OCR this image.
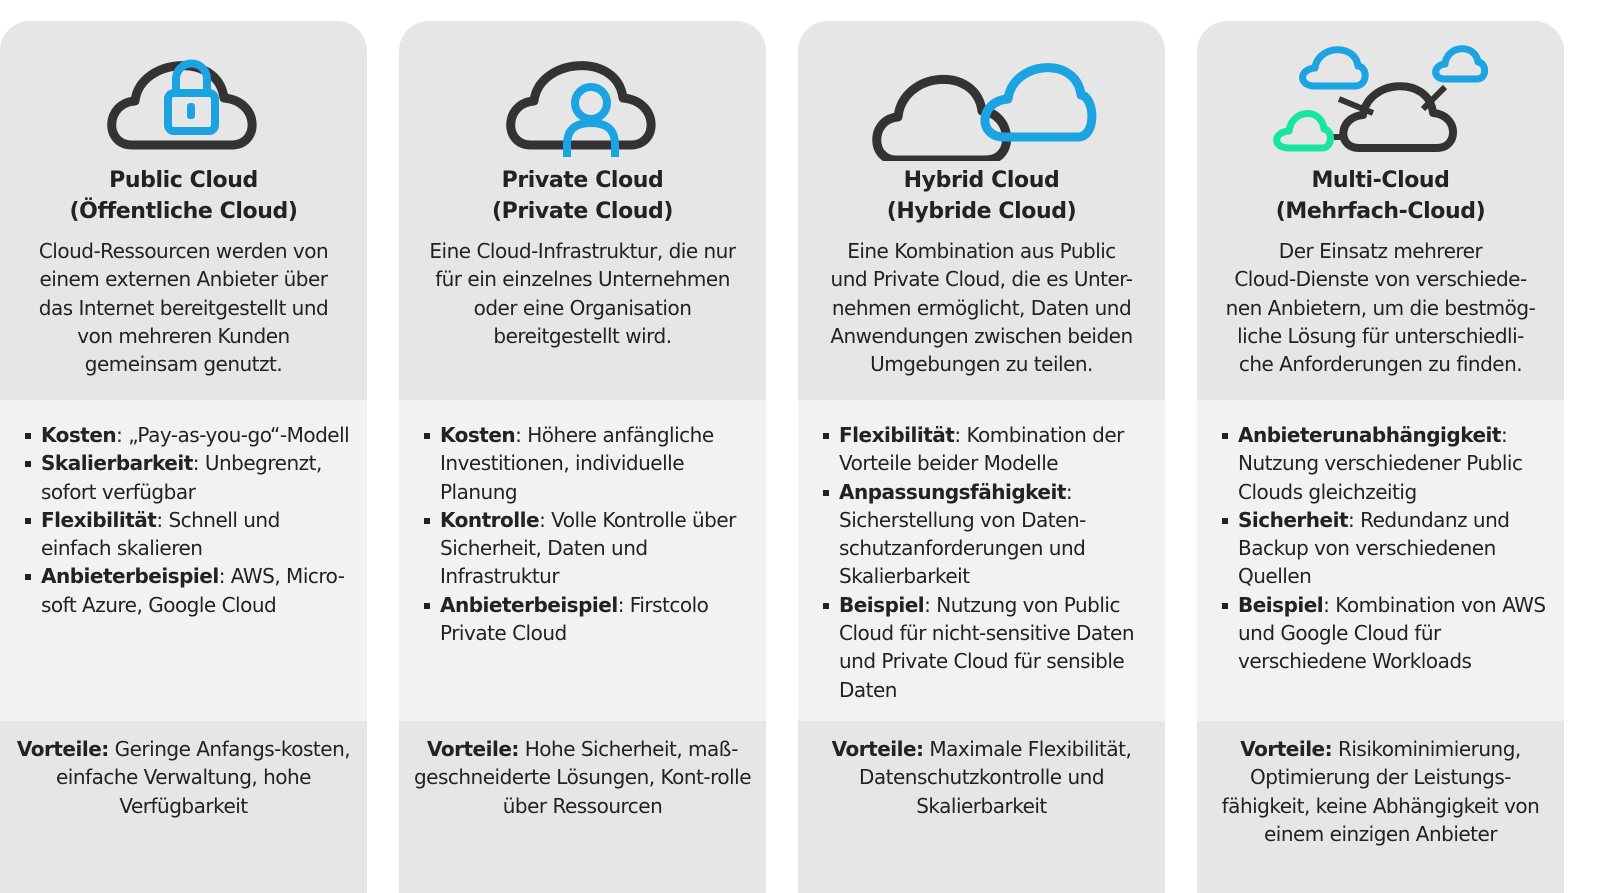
Public Cloud
(Öffentliche Cloud)
Cloud-Ressourcen werden von
einem externen Anbieter über
das Internet bereitgestellt und
von mehreren Kunden
gemeinsam genutzt.
Kosten: „Pay-as-you-go“-Modell
Skalierbarkeit: Unbegrenzt, sofort verfügbar
Flexibilität: Schnell und einfach skalieren
Anbieterbeispiel: AWS, Micro-soft Azure, Google Cloud
Vorteile: Geringe Anfangs-kosten, einfache Verwaltung, hohe Verfügbarkeit
Private Cloud
(Private Cloud)
Eine Cloud-Infrastruktur, die nur
für ein einzelnes Unternehmen
oder eine Organisation
bereitgestellt wird.
Kosten: Höhere anfängliche Investitionen, individuelle Planung
Kontrolle: Volle Kontrolle über Sicherheit, Daten und Infrastruktur
Anbieterbeispiel: Firstcolo Private Cloud
Vorteile: Hohe Sicherheit, maß-geschneiderte Lösungen, Kont-rolle über Ressourcen
Hybrid Cloud
(Hybride Cloud)
Eine Kombination aus Public
und Private Cloud, die es Unter-
nehmen ermöglicht, Daten und
Anwendungen zwischen beiden
Umgebungen zu teilen.
Flexibilität: Kombination der Vorteile beider Modelle
Anpassungsfähigkeit: Sicherstellung von Daten-schutzanforderungen und Skalierbarkeit
Beispiel: Nutzung von Public Cloud für nicht-sensitive Daten und Private Cloud für sensible Daten
Vorteile: Maximale Flexibilität, Datenschutzkontrolle und Skalierbarkeit
Multi-Cloud
(Mehrfach-Cloud)
Der Einsatz mehrerer
Cloud-Dienste von verschiede-
nen Anbietern, um die bestmög-
liche Lösung für unterschiedli-
che Anforderungen zu finden.
Anbieterunabhängigkeit: Nutzung verschiedener Public Clouds gleichzeitig
Sicherheit: Redundanz und Backup von verschiedenen Quellen
Beispiel: Kombination von AWS und Google Cloud für verschiedene Workloads
Vorteile: Risikominimierung, Optimierung der Leistungs-fähigkeit, keine Abhängigkeit von einem einzigen Anbieter
